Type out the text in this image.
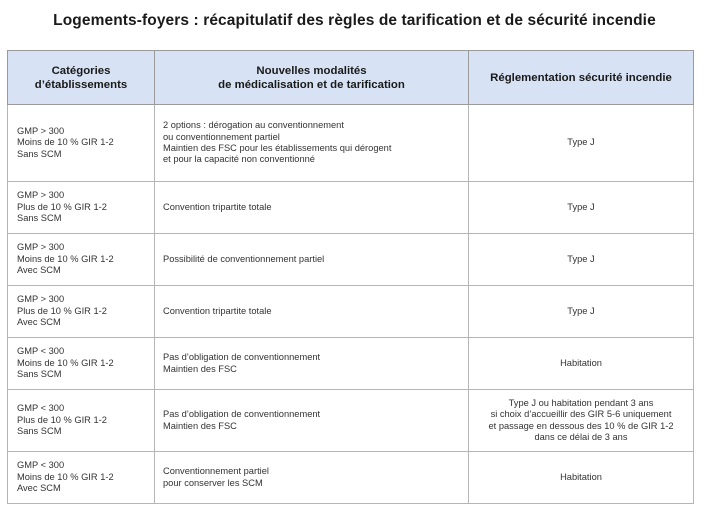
Logements-foyers : récapitulatif des règles de tarification et de sécurité incendie
Catégories
d’établissements	Nouvelles modalités
de médicalisation et de tarification	Réglementation sécurité incendie

GMP > 300
Moins de 10 % GIR 1-2
Sans SCM	2 options : dérogation au conventionnement
ou conventionnement partiel
Maintien des FSC pour les établissements qui dérogent
et pour la capacité non conventionné	Type J

GMP > 300
Plus de 10 % GIR 1-2
Sans SCM	Convention tripartite totale	Type J

GMP > 300
Moins de 10 % GIR 1-2
Avec SCM	Possibilité de conventionnement partiel	Type J

GMP > 300
Plus de 10 % GIR 1-2
Avec SCM	Convention tripartite totale	Type J

GMP < 300
Moins de 10 % GIR 1-2
Sans SCM	Pas d’obligation de conventionnement
Maintien des FSC	Habitation

GMP < 300
Plus de 10 % GIR 1-2
Sans SCM	Pas d’obligation de conventionnement
Maintien des FSC	Type J ou habitation pendant 3 ans
si choix d’accueillir des GIR 5-6 uniquement
et passage en dessous des 10 % de GIR 1-2
dans ce délai de 3 ans

GMP < 300
Moins de 10 % GIR 1-2
Avec SCM	Conventionnement partiel
pour conserver les SCM	Habitation
